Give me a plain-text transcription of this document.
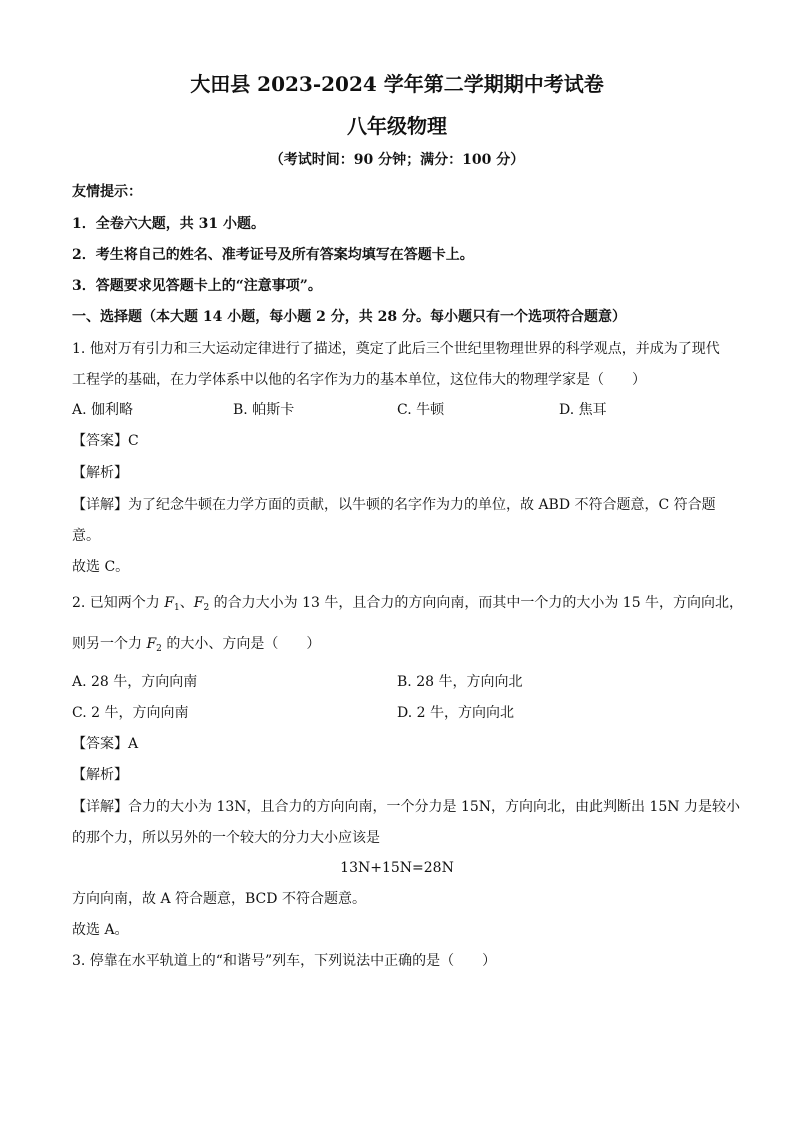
大田县 2023-2024 学年第二学期期中考试卷
八年级物理
（考试时间：90 分钟；满分：100 分）
友情提示：
1．全卷六大题，共 31 小题。
2．考生将自己的姓名、准考证号及所有答案均填写在答题卡上。
3．答题要求见答题卡上的“注意事项”。
一、选择题（本大题 14 小题，每小题 2 分，共 28 分。每小题只有一个选项符合题意）
1. 他对万有引力和三大运动定律进行了描述，奠定了此后三个世纪里物理世界的科学观点，并成为了现代
工程学的基础，在力学体系中以他的名字作为力的基本单位，这位伟大的物理学家是（　　）
A. 伽利略	B. 帕斯卡	C. 牛顿	D. 焦耳
【答案】C
【解析】
【详解】为了纪念牛顿在力学方面的贡献，以牛顿的名字作为力的单位，故 ABD 不符合题意，C 符合题
意。
故选 C。
2. 已知两个力 $F_1$、$F_2$ 的合力大小为 13 牛，且合力的方向向南，而其中一个力的大小为 15 牛，方向向北，
则另一个力 $F_2$ 的大小、方向是（　　）
A. 28 牛，方向向南	B. 28 牛，方向向北
C. 2 牛，方向向南	D. 2 牛，方向向北
【答案】A
【解析】
【详解】合力的大小为 13N，且合力的方向向南，一个分力是 15N，方向向北，由此判断出 15N 力是较小
的那个力，所以另外的一个较大的分力大小应该是
13N+15N=28N
方向向南，故 A 符合题意，BCD 不符合题意。
故选 A。
3. 停靠在水平轨道上的“和谐号”列车，下列说法中正确的是（　　）
